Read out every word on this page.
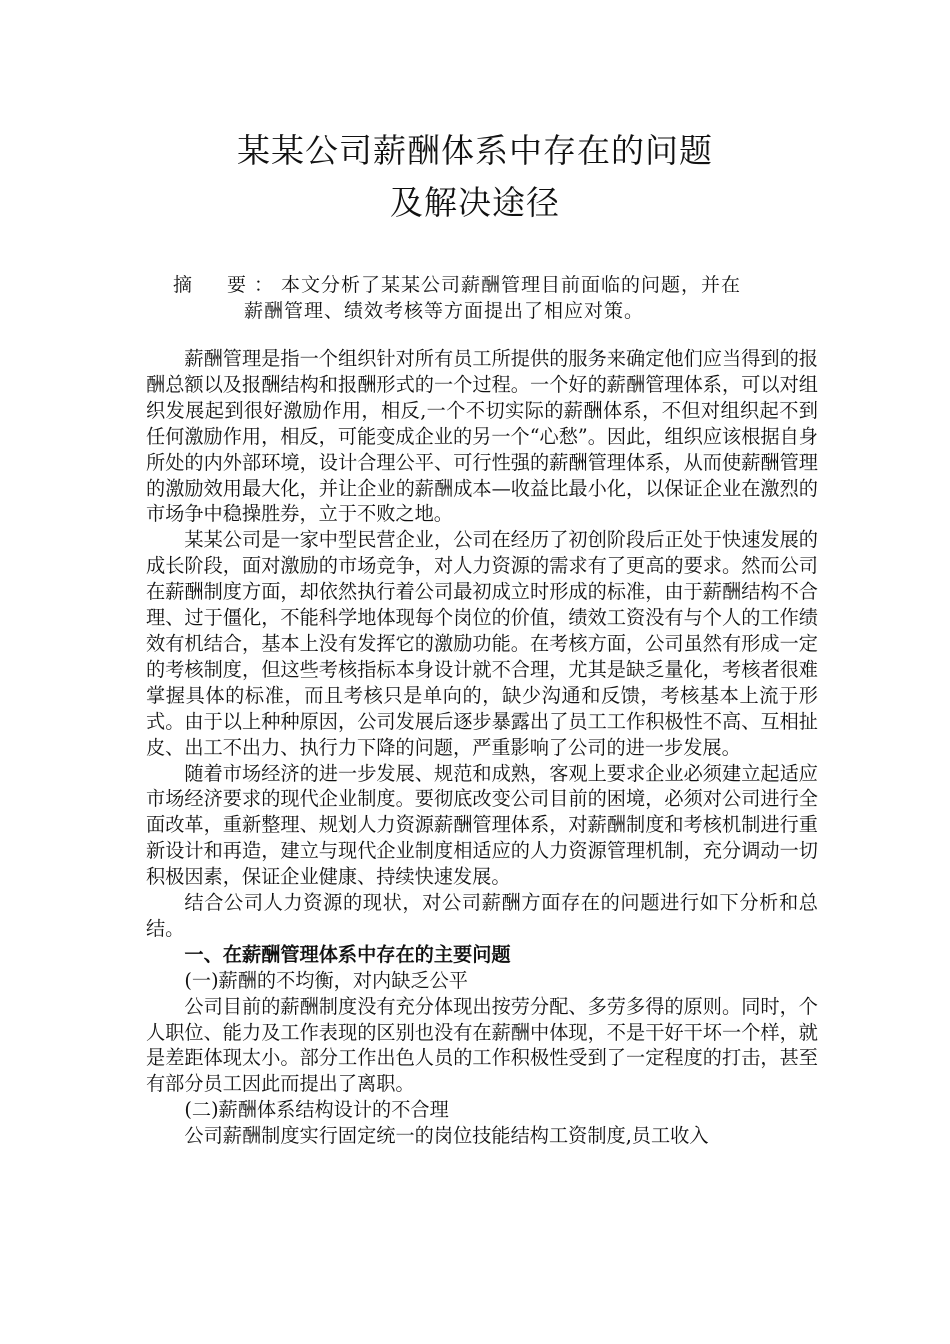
某某公司薪酬体系中存在的问题
及解决途径
摘　要：本文分析了某某公司薪酬管理目前面临的问题，并在
薪酬管理、绩效考核等方面提出了相应对策。

薪酬管理是指一个组织针对所有员工所提供的服务来确定他们应当得到的报酬总额以及报酬结构和报酬形式的一个过程。一个好的薪酬管理体系，可以对组织发展起到很好激励作用，相反,一个不切实际的薪酬体系，不但对组织起不到任何激励作用，相反，可能变成企业的另一个“心愁”。因此，组织应该根据自身所处的内外部环境，设计合理公平、可行性强的薪酬管理体系，从而使薪酬管理的激励效用最大化，并让企业的薪酬成本—收益比最小化，以保证企业在激烈的市场争中稳操胜券，立于不败之地。

某某公司是一家中型民营企业，公司在经历了初创阶段后正处于快速发展的成长阶段，面对激励的市场竞争，对人力资源的需求有了更高的要求。然而公司在薪酬制度方面，却依然执行着公司最初成立时形成的标准，由于薪酬结构不合理、过于僵化，不能科学地体现每个岗位的价值，绩效工资没有与个人的工作绩效有机结合，基本上没有发挥它的激励功能。在考核方面，公司虽然有形成一定的考核制度，但这些考核指标本身设计就不合理，尤其是缺乏量化，考核者很难掌握具体的标准，而且考核只是单向的，缺少沟通和反馈，考核基本上流于形式。由于以上种种原因，公司发展后逐步暴露出了员工工作积极性不高、互相扯皮、出工不出力、执行力下降的问题，严重影响了公司的进一步发展。

随着市场经济的进一步发展、规范和成熟，客观上要求企业必须建立起适应市场经济要求的现代企业制度。要彻底改变公司目前的困境，必须对公司进行全面改革，重新整理、规划人力资源薪酬管理体系，对薪酬制度和考核机制进行重新设计和再造，建立与现代企业制度相适应的人力资源管理机制，充分调动一切积极因素，保证企业健康、持续快速发展。

结合公司人力资源的现状，对公司薪酬方面存在的问题进行如下分析和总结。

一、在薪酬管理体系中存在的主要问题

(一)薪酬的不均衡，对内缺乏公平

公司目前的薪酬制度没有充分体现出按劳分配、多劳多得的原则。同时，个人职位、能力及工作表现的区别也没有在薪酬中体现，不是干好干坏一个样，就是差距体现太小。部分工作出色人员的工作积极性受到了一定程度的打击，甚至有部分员工因此而提出了离职。

(二)薪酬体系结构设计的不合理

公司薪酬制度实行固定统一的岗位技能结构工资制度,员工收入
